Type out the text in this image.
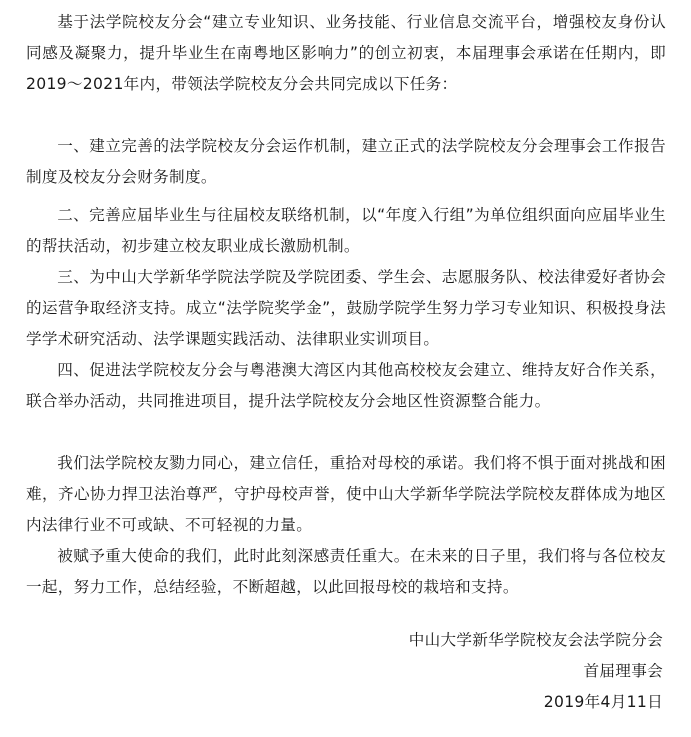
基于法学院校友分会“建立专业知识、业务技能、行业信息交流平台，增强校友身份认同感及凝聚力，提升毕业生在南粤地区影响力”的创立初衷，本届理事会承诺在任期内，即2019～2021年内，带领法学院校友分会共同完成以下任务：

一、建立完善的法学院校友分会运作机制，建立正式的法学院校友分会理事会工作报告制度及校友分会财务制度。

二、完善应届毕业生与往届校友联络机制，以“年度入行组”为单位组织面向应届毕业生的帮扶活动，初步建立校友职业成长激励机制。

三、为中山大学新华学院法学院及学院团委、学生会、志愿服务队、校法律爱好者协会的运营争取经济支持。成立“法学院奖学金”，鼓励学院学生努力学习专业知识、积极投身法学学术研究活动、法学课题实践活动、法律职业实训项目。

四、促进法学院校友分会与粤港澳大湾区内其他高校校友会建立、维持友好合作关系，联合举办活动，共同推进项目，提升法学院校友分会地区性资源整合能力。

我们法学院校友勠力同心，建立信任，重拾对母校的承诺。我们将不惧于面对挑战和困难，齐心协力捍卫法治尊严，守护母校声誉，使中山大学新华学院法学院校友群体成为地区内法律行业不可或缺、不可轻视的力量。

被赋予重大使命的我们，此时此刻深感责任重大。在未来的日子里，我们将与各位校友一起，努力工作，总结经验，不断超越，以此回报母校的栽培和支持。

中山大学新华学院校友会法学院分会

首届理事会

2019年4月11日
